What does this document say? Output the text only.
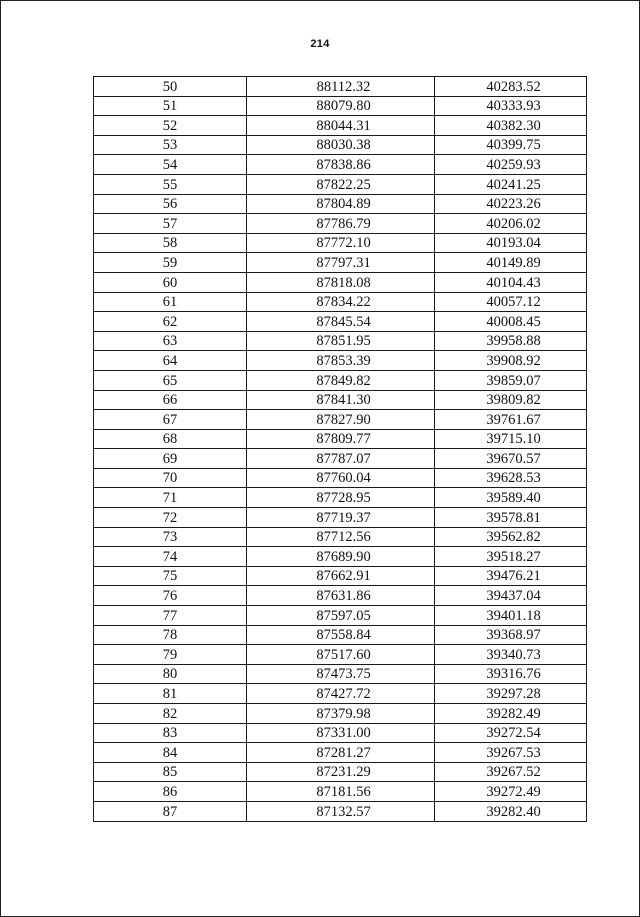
214
50	88112.32	40283.52
51	88079.80	40333.93
52	88044.31	40382.30
53	88030.38	40399.75
54	87838.86	40259.93
55	87822.25	40241.25
56	87804.89	40223.26
57	87786.79	40206.02
58	87772.10	40193.04
59	87797.31	40149.89
60	87818.08	40104.43
61	87834.22	40057.12
62	87845.54	40008.45
63	87851.95	39958.88
64	87853.39	39908.92
65	87849.82	39859.07
66	87841.30	39809.82
67	87827.90	39761.67
68	87809.77	39715.10
69	87787.07	39670.57
70	87760.04	39628.53
71	87728.95	39589.40
72	87719.37	39578.81
73	87712.56	39562.82
74	87689.90	39518.27
75	87662.91	39476.21
76	87631.86	39437.04
77	87597.05	39401.18
78	87558.84	39368.97
79	87517.60	39340.73
80	87473.75	39316.76
81	87427.72	39297.28
82	87379.98	39282.49
83	87331.00	39272.54
84	87281.27	39267.53
85	87231.29	39267.52
86	87181.56	39272.49
87	87132.57	39282.40
